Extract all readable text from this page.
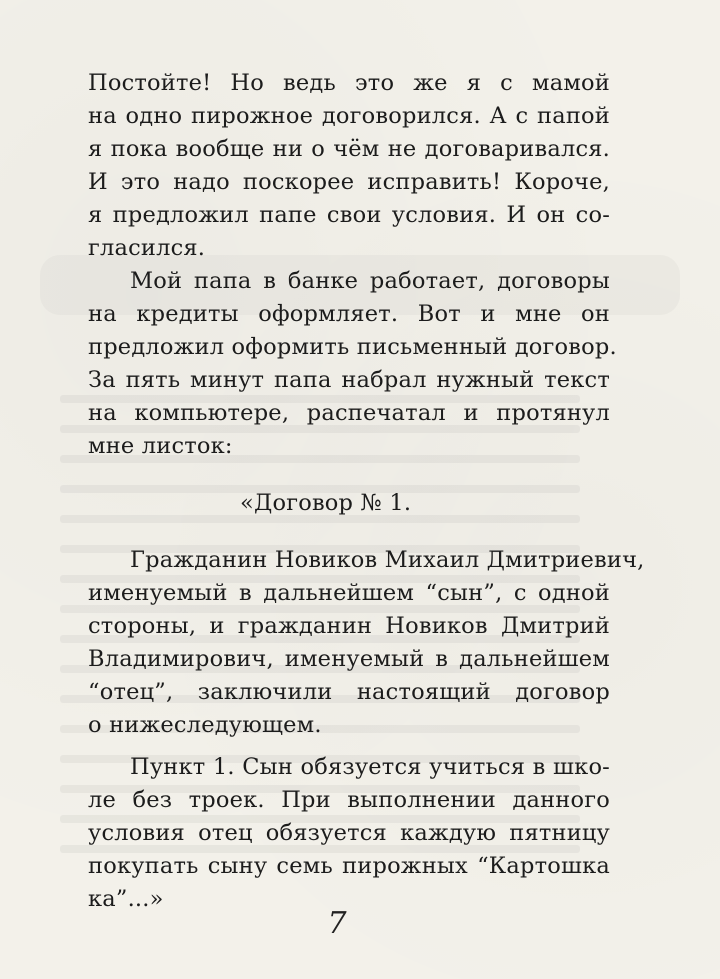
Постойте! Но ведь это же я с мамой
на одно пирожное договорился. А с папой
я пока вообще ни о чём не договаривался.
И это надо поскорее исправить! Короче,
я предложил папе свои условия. И он со-
гласился.
Мой папа в банке работает, договоры
на кредиты оформляет. Вот и мне он
предложил оформить письменный договор.
За пять минут папа набрал нужный текст
на компьютере, распечатал и протянул
мне листок:
«Договор № 1.
Гражданин Новиков Михаил Дмитриевич,
именуемый в дальнейшем “сын”, с одной
стороны, и гражданин Новиков Дмитрий
Владимирович, именуемый в дальнейшем
“отец”, заключили настоящий договор
о нижеследующем.
Пункт 1. Сын обязуется учиться в шко-
ле без троек. При выполнении данного
условия отец обязуется каждую пятницу
покупать сыну семь пирожных “Картошка
ка”...»
7
